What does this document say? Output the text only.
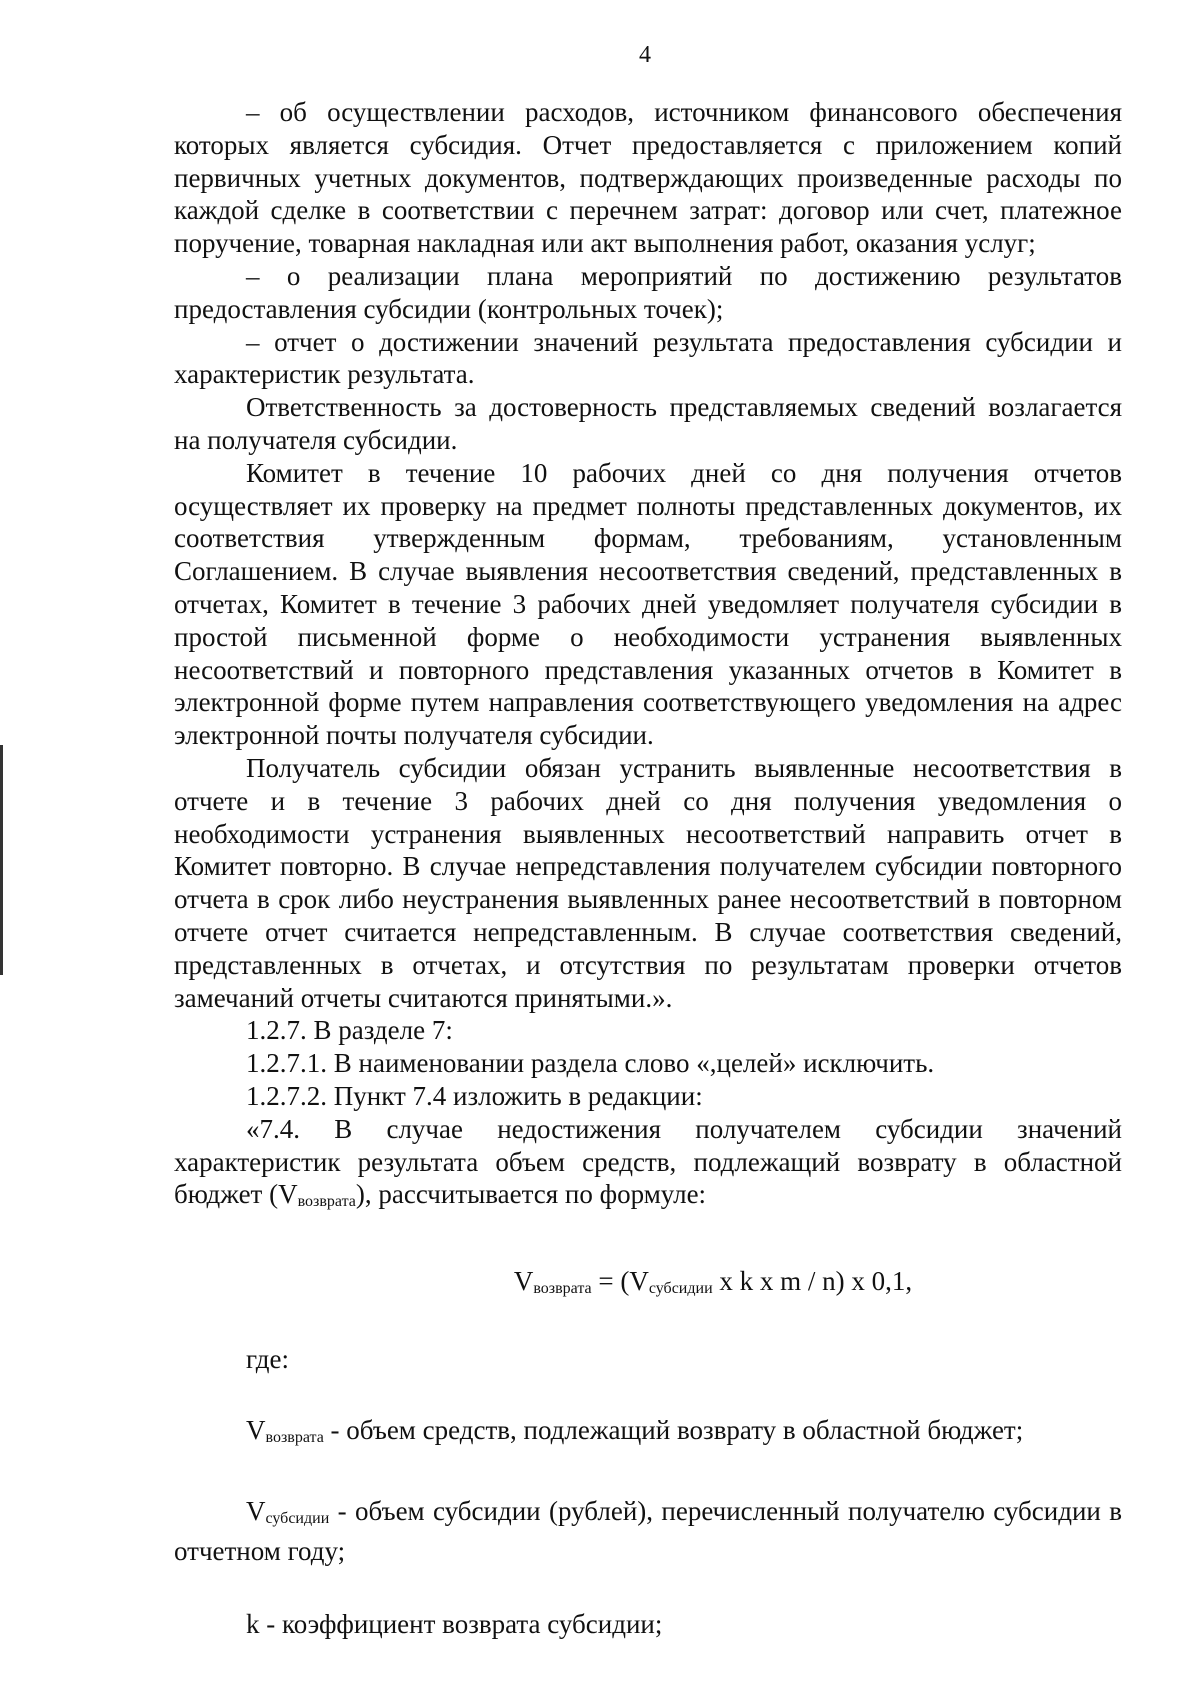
4

– об осуществлении расходов, источником финансового обеспечения которых является субсидия. Отчет предоставляется с приложением копий первичных учетных документов, подтверждающих произведенные расходы по каждой сделке в соответствии с перечнем затрат: договор или счет, платежное поручение, товарная накладная или акт выполнения работ, оказания услуг;

– о реализации плана мероприятий по достижению результатов предоставления субсидии (контрольных точек);

– отчет о достижении значений результата предоставления субсидии и характеристик результата.

Ответственность за достоверность представляемых сведений возлагается на получателя субсидии.

Комитет в течение 10 рабочих дней со дня получения отчетов осуществляет их проверку на предмет полноты представленных документов, их соответствия утвержденным формам, требованиям, установленным Соглашением. В случае выявления несоответствия сведений, представленных в отчетах, Комитет в течение 3 рабочих дней уведомляет получателя субсидии в простой письменной форме о необходимости устранения выявленных несоответствий и повторного представления указанных отчетов в Комитет в электронной форме путем направления соответствующего уведомления на адрес электронной почты получателя субсидии.

Получатель субсидии обязан устранить выявленные несоответствия в отчете и в течение 3 рабочих дней со дня получения уведомления о необходимости устранения выявленных несоответствий направить отчет в Комитет повторно. В случае непредставления получателем субсидии повторного отчета в срок либо неустранения выявленных ранее несоответствий в повторном отчете отчет считается непредставленным. В случае соответствия сведений, представленных в отчетах, и отсутствия по результатам проверки отчетов замечаний отчеты считаются принятыми.».

1.2.7. В разделе 7:

1.2.7.1. В наименовании раздела слово «,целей» исключить.

1.2.7.2. Пункт 7.4 изложить в редакции:

«7.4. В случае недостижения получателем субсидии значений характеристик результата объем средств, подлежащий возврату в областной бюджет (Vвозврата), рассчитывается по формуле:

Vвозврата = (Vсубсидии x k x m / n) x 0,1,

где:

Vвозврата - объем средств, подлежащий возврату в областной бюджет;

Vсубсидии - объем субсидии (рублей), перечисленный получателю субсидии в отчетном году;

k - коэффициент возврата субсидии;
